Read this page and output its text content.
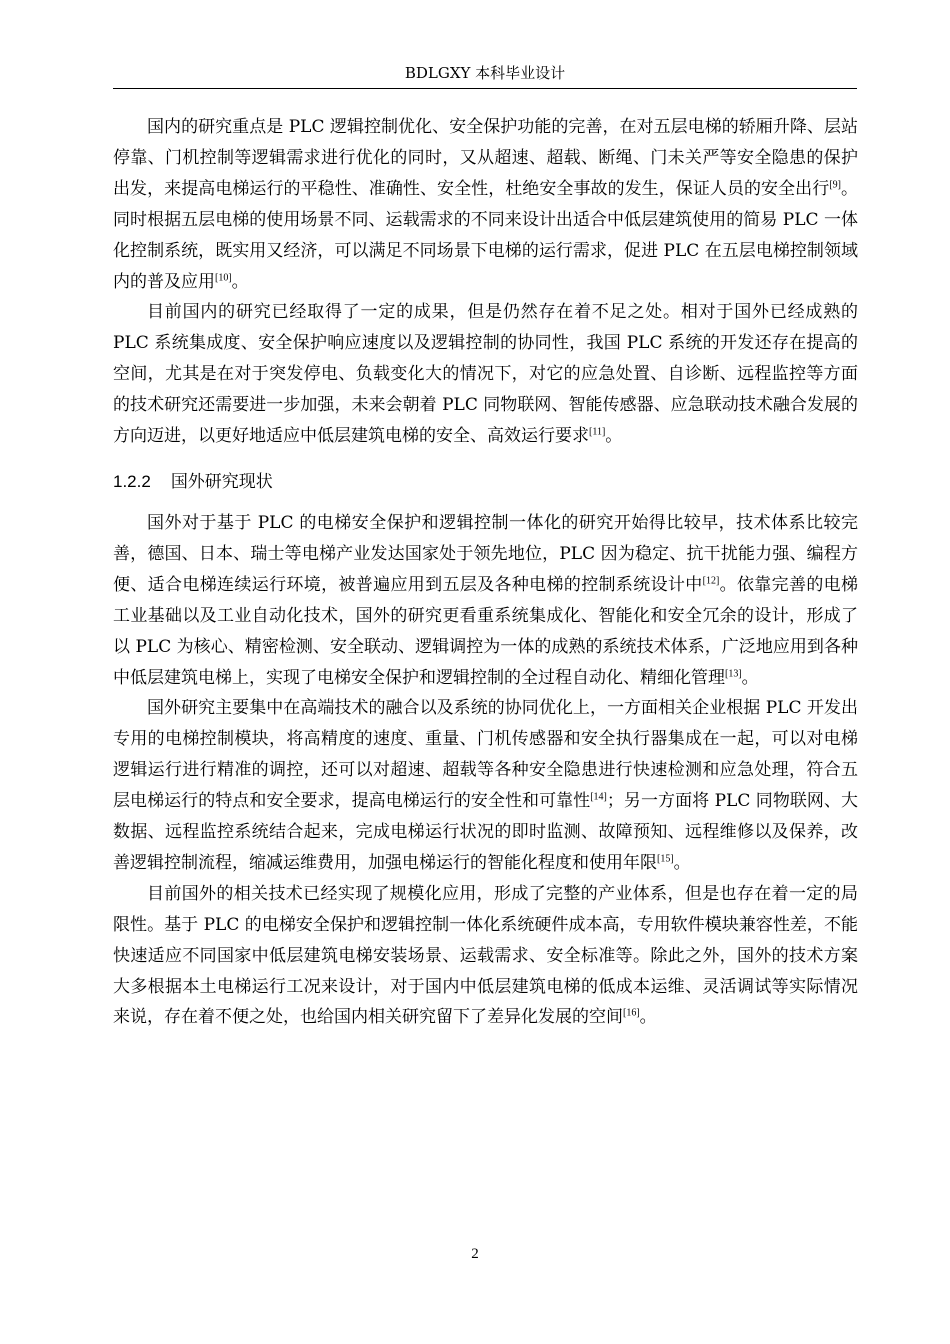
BDLGXY 本科毕业设计

国内的研究重点是 PLC 逻辑控制优化、安全保护功能的完善，在对五层电梯的轿厢升降、层站停靠、门机控制等逻辑需求进行优化的同时，又从超速、超载、断绳、门未关严等安全隐患的保护出发，来提高电梯运行的平稳性、准确性、安全性，杜绝安全事故的发生，保证人员的安全出行[9]。同时根据五层电梯的使用场景不同、运载需求的不同来设计出适合中低层建筑使用的简易 PLC 一体化控制系统，既实用又经济，可以满足不同场景下电梯的运行需求，促进 PLC 在五层电梯控制领域内的普及应用[10]。

目前国内的研究已经取得了一定的成果，但是仍然存在着不足之处。相对于国外已经成熟的 PLC 系统集成度、安全保护响应速度以及逻辑控制的协同性，我国 PLC 系统的开发还存在提高的空间，尤其是在对于突发停电、负载变化大的情况下，对它的应急处置、自诊断、远程监控等方面的技术研究还需要进一步加强，未来会朝着 PLC 同物联网、智能传感器、应急联动技术融合发展的方向迈进，以更好地适应中低层建筑电梯的安全、高效运行要求[11]。

1.2.2 国外研究现状

国外对于基于 PLC 的电梯安全保护和逻辑控制一体化的研究开始得比较早，技术体系比较完善，德国、日本、瑞士等电梯产业发达国家处于领先地位，PLC 因为稳定、抗干扰能力强、编程方便、适合电梯连续运行环境，被普遍应用到五层及各种电梯的控制系统设计中[12]。依靠完善的电梯工业基础以及工业自动化技术，国外的研究更看重系统集成化、智能化和安全冗余的设计，形成了以 PLC 为核心、精密检测、安全联动、逻辑调控为一体的成熟的系统技术体系，广泛地应用到各种中低层建筑电梯上，实现了电梯安全保护和逻辑控制的全过程自动化、精细化管理[13]。

国外研究主要集中在高端技术的融合以及系统的协同优化上，一方面相关企业根据 PLC 开发出专用的电梯控制模块，将高精度的速度、重量、门机传感器和安全执行器集成在一起，可以对电梯逻辑运行进行精准的调控，还可以对超速、超载等各种安全隐患进行快速检测和应急处理，符合五层电梯运行的特点和安全要求，提高电梯运行的安全性和可靠性[14]；另一方面将 PLC 同物联网、大数据、远程监控系统结合起来，完成电梯运行状况的即时监测、故障预知、远程维修以及保养，改善逻辑控制流程，缩减运维费用，加强电梯运行的智能化程度和使用年限[15]。

目前国外的相关技术已经实现了规模化应用，形成了完整的产业体系，但是也存在着一定的局限性。基于 PLC 的电梯安全保护和逻辑控制一体化系统硬件成本高，专用软件模块兼容性差，不能快速适应不同国家中低层建筑电梯安装场景、运载需求、安全标准等。除此之外，国外的技术方案大多根据本土电梯运行工况来设计，对于国内中低层建筑电梯的低成本运维、灵活调试等实际情况来说，存在着不便之处，也给国内相关研究留下了差异化发展的空间[16]。

2
